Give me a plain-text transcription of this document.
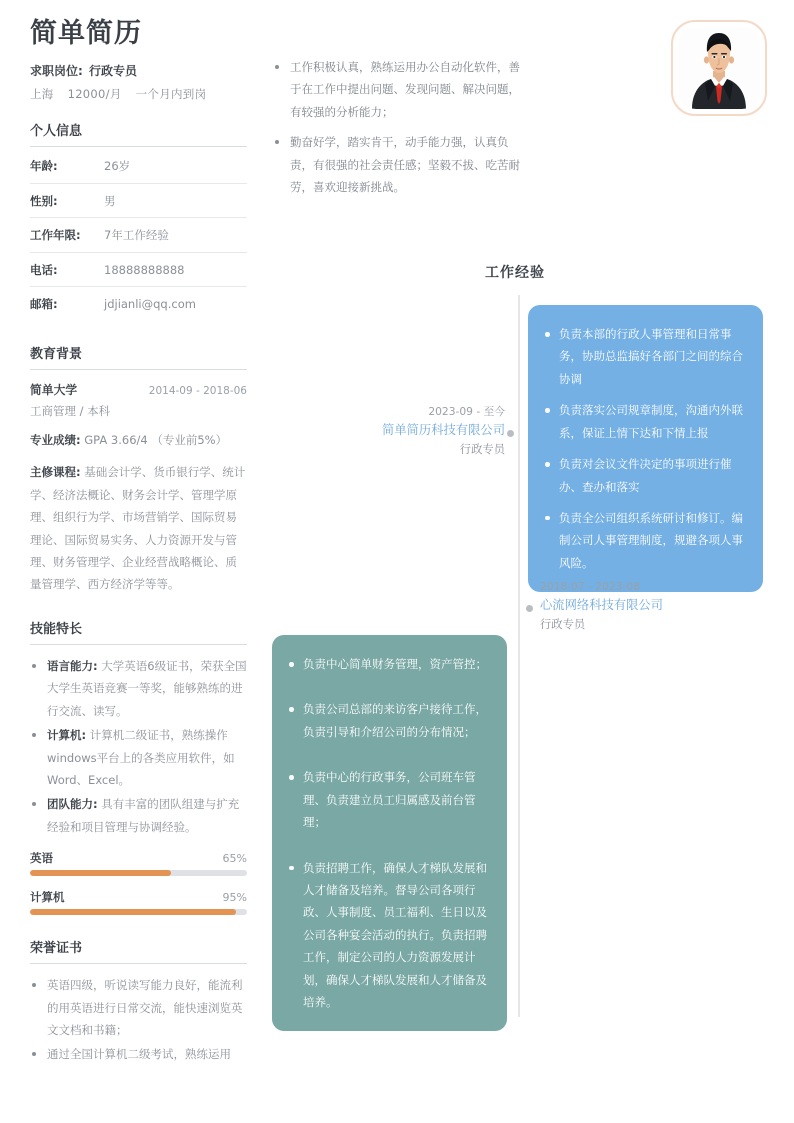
简单简历
求职岗位: 行政专员
上海 12000/月 一个月内到岗
个人信息
年龄:	26岁
性别:	男
工作年限:	7年工作经验
电话:	18888888888
邮箱:	jdjianli@qq.com
教育背景
简单大学	2014-09 - 2018-06
工商管理 / 本科
专业成绩: GPA 3.66/4 （专业前5%）
主修课程: 基础会计学、货币银行学、统计学、经济法概论、财务会计学、管理学原理、组织行为学、市场营销学、国际贸易理论、国际贸易实务、人力资源开发与管理、财务管理学、企业经营战略概论、质量管理学、西方经济学等等。
技能特长
语言能力: 大学英语6级证书，荣获全国大学生英语竞赛一等奖，能够熟练的进行交流、读写。
计算机: 计算机二级证书，熟练操作windows平台上的各类应用软件，如Word、Excel。
团队能力: 具有丰富的团队组建与扩充经验和项目管理与协调经验。
英语	65%
计算机	95%
荣誉证书
英语四级，听说读写能力良好，能流利的用英语进行日常交流，能快速浏览英文文档和书籍；
通过全国计算机二级考试，熟练运用
工作积极认真，熟练运用办公自动化软件，善于在工作中提出问题、发现问题、解决问题，有较强的分析能力；
勤奋好学，踏实肯干，动手能力强，认真负责，有很强的社会责任感；坚毅不拔、吃苦耐劳，喜欢迎接新挑战。
工作经验
2023-09 - 至今
简单简历科技有限公司
行政专员
负责本部的行政人事管理和日常事务，协助总监搞好各部门之间的综合协调
负责落实公司规章制度，沟通内外联系，保证上情下达和下情上报
负责对会议文件决定的事项进行催办、查办和落实
负责全公司组织系统研讨和修订。编制公司人事管理制度，规避各项人事风险。
2018-07 - 2023-08
心流网络科技有限公司
行政专员
负责中心简单财务管理，资产管控；
负责公司总部的来访客户接待工作，负责引导和介绍公司的分布情况；
负责中心的行政事务，公司班车管理、负责建立员工归属感及前台管理；
负责招聘工作，确保人才梯队发展和人才储备及培养。督导公司各项行政、人事制度、员工福利、生日以及公司各种宴会活动的执行。负责招聘工作，制定公司的人力资源发展计划，确保人才梯队发展和人才储备及培养。
